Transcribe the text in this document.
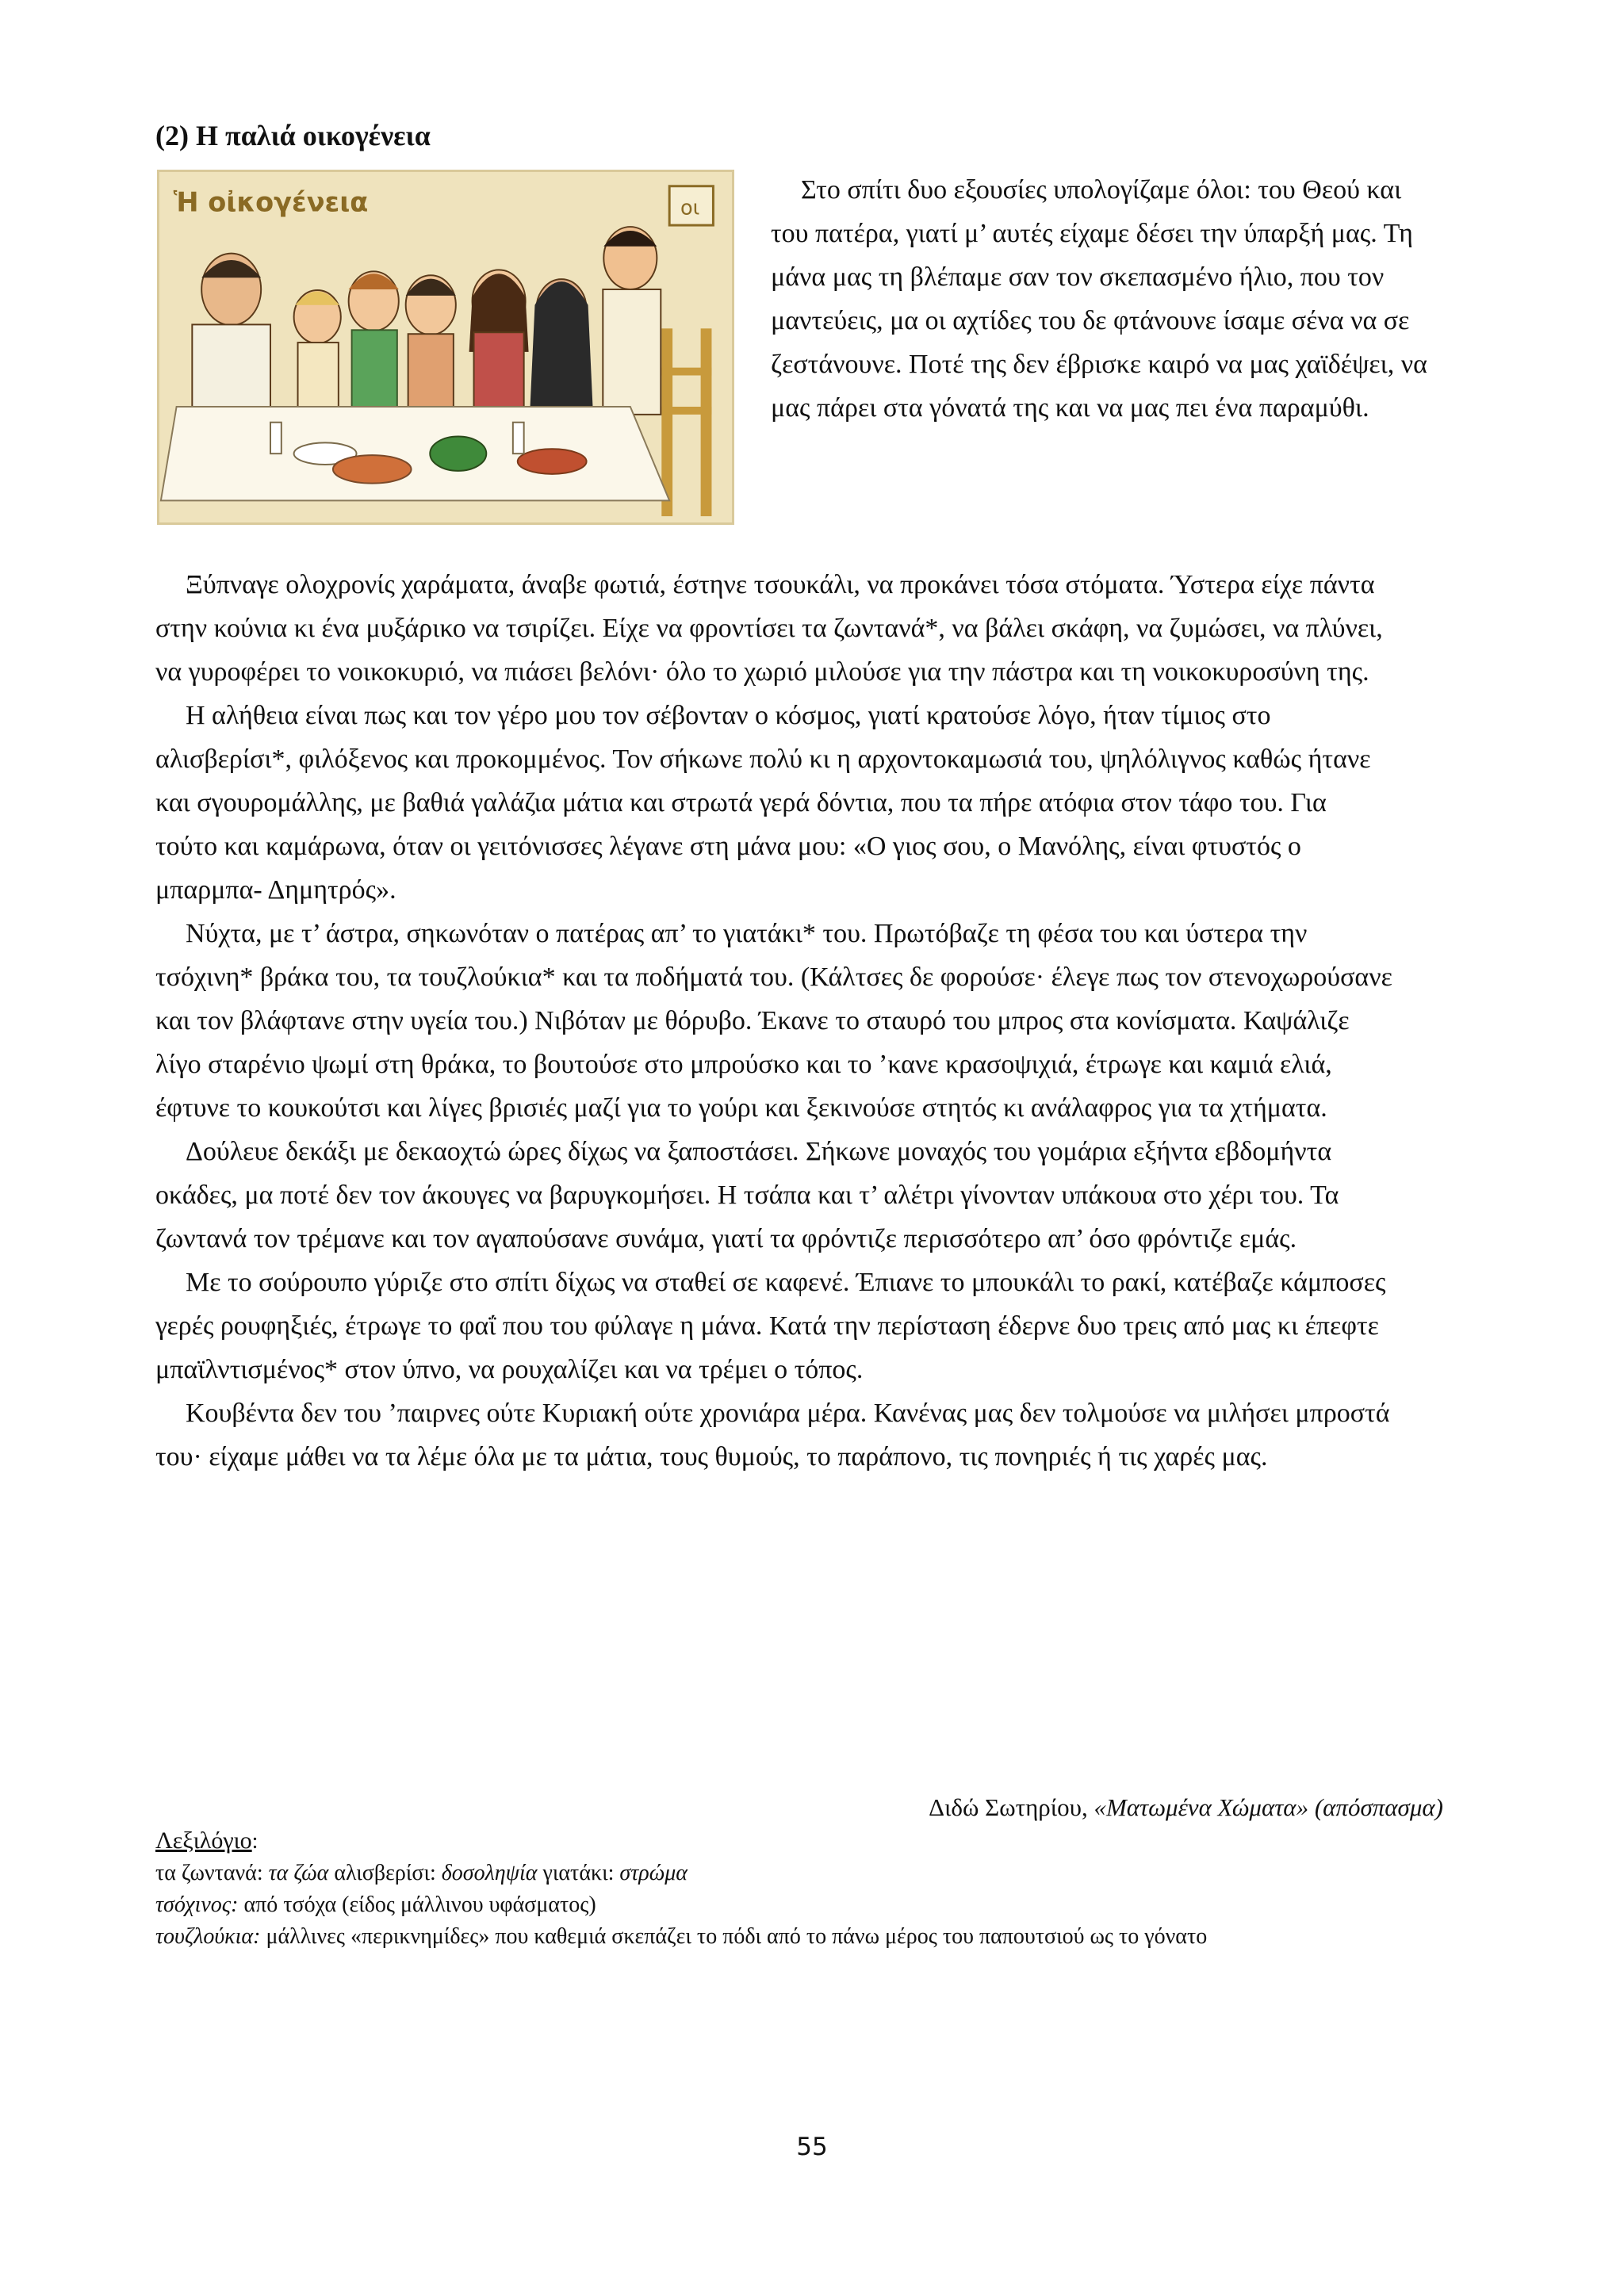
(2) Η παλιά οικογένεια
Ἡ οἰκογένεια	οι

Στο σπίτι δυο εξουσίες υπολογίζαμε όλοι: του Θεού και του πατέρα, γιατί μ’ αυτές είχαμε δέσει την ύπαρξή μας. Τη μάνα μας τη βλέπαμε σαν τον σκεπασμένο ήλιο, που τον μαντεύεις, μα οι αχτίδες του δε φτάνουνε ίσαμε σένα να σε ζεστάνουνε. Ποτέ της δεν έβρισκε καιρό να μας χαϊδέψει, να μας πάρει στα γόνατά της και να μας πει ένα παραμύθι.

Ξύπναγε ολοχρονίς χαράματα, άναβε φωτιά, έστηνε τσουκάλι, να προκάνει τόσα στόματα. Ύστερα είχε πάντα στην κούνια κι ένα μυξάρικο να τσιρίζει. Είχε να φροντίσει τα ζωντανά*, να βάλει σκάφη, να ζυμώσει, να πλύνει, να γυροφέρει το νοικοκυριό, να πιάσει βελόνι· όλο το χωριό μιλούσε για την πάστρα και τη νοικοκυροσύνη της.

Η αλήθεια είναι πως και τον γέρο μου τον σέβονταν ο κόσμος, γιατί κρατούσε λόγο, ήταν τίμιος στο αλισβερίσι*, φιλόξενος και προκομμένος. Τον σήκωνε πολύ κι η αρχοντοκαμωσιά του, ψηλόλιγνος καθώς ήτανε και σγουρομάλλης, με βαθιά γαλάζια μάτια και στρωτά γερά δόντια, που τα πήρε ατόφια στον τάφο του. Για τούτο και καμάρωνα, όταν οι γειτόνισσες λέγανε στη μάνα μου: «Ο γιος σου, ο Μανόλης, είναι φτυστός ο μπαρμπα- Δημητρός».

Νύχτα, με τ’ άστρα, σηκωνόταν ο πατέρας απ’ το γιατάκι* του. Πρωτόβαζε τη φέσα του και ύστερα την τσόχινη* βράκα του, τα τουζλούκια* και τα ποδήματά του. (Κάλτσες δε φορούσε· έλεγε πως τον στενοχωρούσανε και τον βλάφτανε στην υγεία του.) Νιβόταν με θόρυβο. Έκανε το σταυρό του μπρος στα κονίσματα. Καψάλιζε λίγο σταρένιο ψωμί στη θράκα, το βουτούσε στο μπρούσκο και το ’κανε κρασοψιχιά, έτρωγε και καμιά ελιά, έφτυνε το κουκούτσι και λίγες βρισιές μαζί για το γούρι και ξεκινούσε στητός κι ανάλαφρος για τα χτήματα.

Δούλευε δεκάξι με δεκαοχτώ ώρες δίχως να ξαποστάσει. Σήκωνε μοναχός του γομάρια εξήντα εβδομήντα οκάδες, μα ποτέ δεν τον άκουγες να βαρυγκομήσει. Η τσάπα και τ’ αλέτρι γίνονταν υπάκουα στο χέρι του. Τα ζωντανά τον τρέμανε και τον αγαπούσανε συνάμα, γιατί τα φρόντιζε περισσότερο απ’ όσο φρόντιζε εμάς.

Με το σούρουπο γύριζε στο σπίτι δίχως να σταθεί σε καφενέ. Έπιανε το μπουκάλι το ρακί, κατέβαζε κάμποσες γερές ρουφηξιές, έτρωγε το φαΐ που του φύλαγε η μάνα. Κατά την περίσταση έδερνε δυο τρεις από μας κι έπεφτε μπαϊλντισμένος* στον ύπνο, να ρουχαλίζει και να τρέμει ο τόπος.

Κουβέντα δεν του ’παιρνες ούτε Κυριακή ούτε χρονιάρα μέρα. Κανένας μας δεν τολμούσε να μιλήσει μπροστά του· είχαμε μάθει να τα λέμε όλα με τα μάτια, τους θυμούς, το παράπονο, τις πονηριές ή τις χαρές μας.

Διδώ Σωτηρίου, «Ματωμένα Χώματα» (απόσπασμα)

Λεξιλόγιο:

τα ζωντανά: τα ζώα αλισβερίσι: δοσοληψία γιατάκι: στρώμα

τσόχινος: από τσόχα (είδος μάλλινου υφάσματος)

τουζλούκια: μάλλινες «περικνημίδες» που καθεμιά σκεπάζει το πόδι από το πάνω μέρος του παπουτσιού ως το γόνατο

55
